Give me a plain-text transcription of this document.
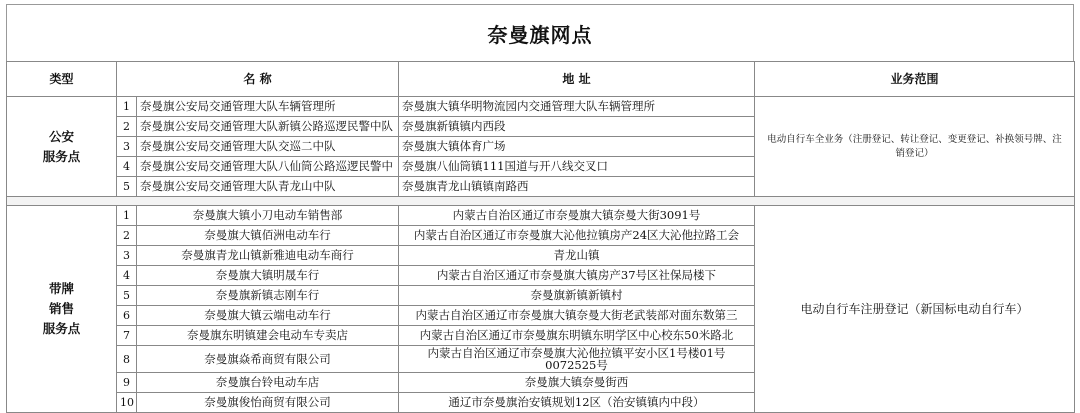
奈曼旗网点
类型	名 称		地 址	业务范围

公安
服务点	1	奈曼旗公安局交通管理大队车辆管理所	奈曼旗大镇华明物流园内交通管理大队车辆管理所	电动自行车全业务（注册登记、转让登记、变更登记、补换领号牌、注销登记）
	2	奈曼旗公安局交通管理大队新镇公路巡逻民警中队	奈曼旗新镇镇内西段	
	3	奈曼旗公安局交通管理大队交巡二中队	奈曼旗大镇体育广场	
	4	奈曼旗公安局交通管理大队八仙筒公路巡逻民警中	奈曼旗八仙筒镇111国道与开八线交叉口	
	5	奈曼旗公安局交通管理大队青龙山中队	奈曼旗青龙山镇镇南路西	

带牌
销售
服务点	1	奈曼旗大镇小刀电动车销售部	内蒙古自治区通辽市奈曼旗大镇奈曼大街3091号	电动自行车注册登记（新国标电动自行车）
	2	奈曼旗大镇佰洲电动车行	内蒙古自治区通辽市奈曼旗大沁他拉镇房产24区大沁他拉路工会	
	3	奈曼旗青龙山镇新雅迪电动车商行	青龙山镇	
	4	奈曼旗大镇明晟车行	内蒙古自治区通辽市奈曼旗大镇房产37号区社保局楼下	
	5	奈曼旗新镇志刚车行	奈曼旗新镇新镇村	
	6	奈曼旗大镇云端电动车行	内蒙古自治区通辽市奈曼旗大镇奈曼大街老武装部对面东数第三	
	7	奈曼旗东明镇建会电动车专卖店	内蒙古自治区通辽市奈曼旗东明镇东明学区中心校东50米路北	
	8	奈曼旗焱希商贸有限公司	内蒙古自治区通辽市奈曼旗大沁他拉镇平安小区1号楼01号0072525号	
	9	奈曼旗台铃电动车店	奈曼旗大镇奈曼街西	
	10	奈曼旗俊怡商贸有限公司	通辽市奈曼旗治安镇规划12区（治安镇镇内中段）	
